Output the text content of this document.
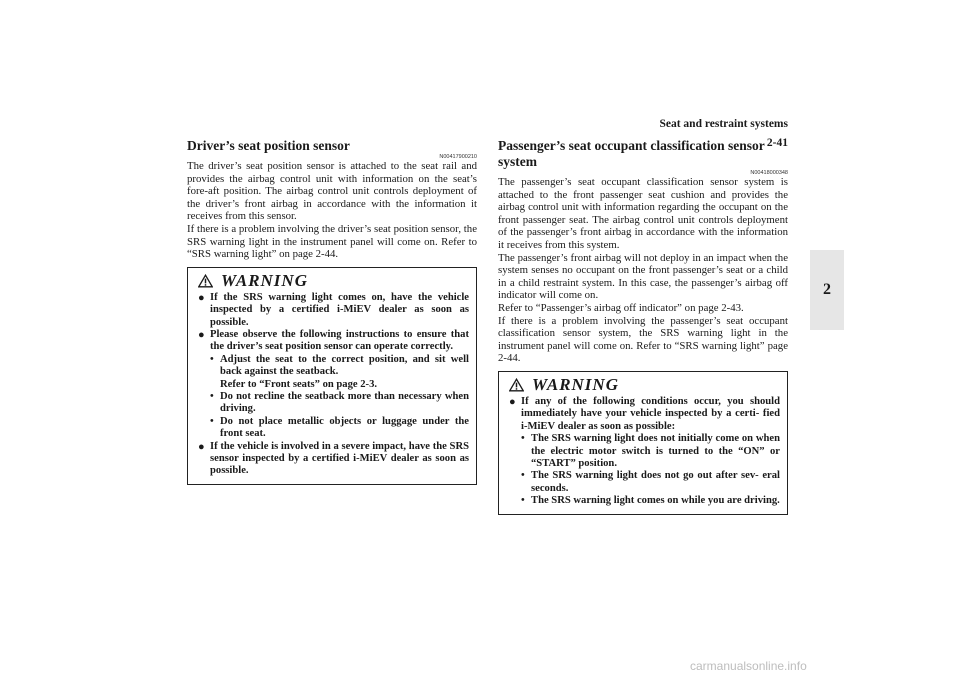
Seat and restraint systems
2-41
2
Driver’s seat position sensor
N00417900210

The driver’s seat position sensor is attached to the seat rail and provides the airbag control unit with information on the seat’s fore-aft position. The airbag control unit controls deployment of the driver’s front airbag in accordance with the information it receives from this sensor.

If there is a problem involving the driver’s seat position sensor, the SRS warning light in the instrument panel will come on. Refer to “SRS warning light” on page 2-44.

WARNING
● If the SRS warning light comes on, have the vehicle inspected by a certified i-MiEV dealer as soon as possible.
● Please observe the following instructions to ensure that the driver’s seat position sensor can operate correctly.
• Adjust the seat to the correct position, and sit well back against the seatback.
Refer to “Front seats” on page 2-3.
• Do not recline the seatback more than necessary when driving.
• Do not place metallic objects or luggage under the front seat.
● If the vehicle is involved in a severe impact, have the SRS sensor inspected by a certified i-MiEV dealer as soon as possible.
Passenger’s seat occupant classification sensor system
N00418000348

The passenger’s seat occupant classification sensor system is attached to the front passenger seat cushion and provides the airbag control unit with information regarding the occupant on the front passenger seat. The airbag control unit controls deployment of the passenger’s front airbag in accordance with the information it receives from this system.

The passenger’s front airbag will not deploy in an impact when the system senses no occupant on the front passenger’s seat or a child in a child restraint system. In this case, the passenger’s airbag off indicator will come on.

Refer to “Passenger’s airbag off indicator” on page 2-43.

If there is a problem involving the passenger’s seat occupant classification sensor system, the SRS warning light in the instrument panel will come on. Refer to “SRS warning light” page 2-44.

WARNING
● If any of the following conditions occur, you should immediately have your vehicle inspected by a certi- fied i-MiEV dealer as soon as possible:
• The SRS warning light does not initially come on when the electric motor switch is turned to the “ON” or “START” position.
• The SRS warning light does not go out after sev- eral seconds.
• The SRS warning light comes on while you are driving.
carmanualsonline.info
